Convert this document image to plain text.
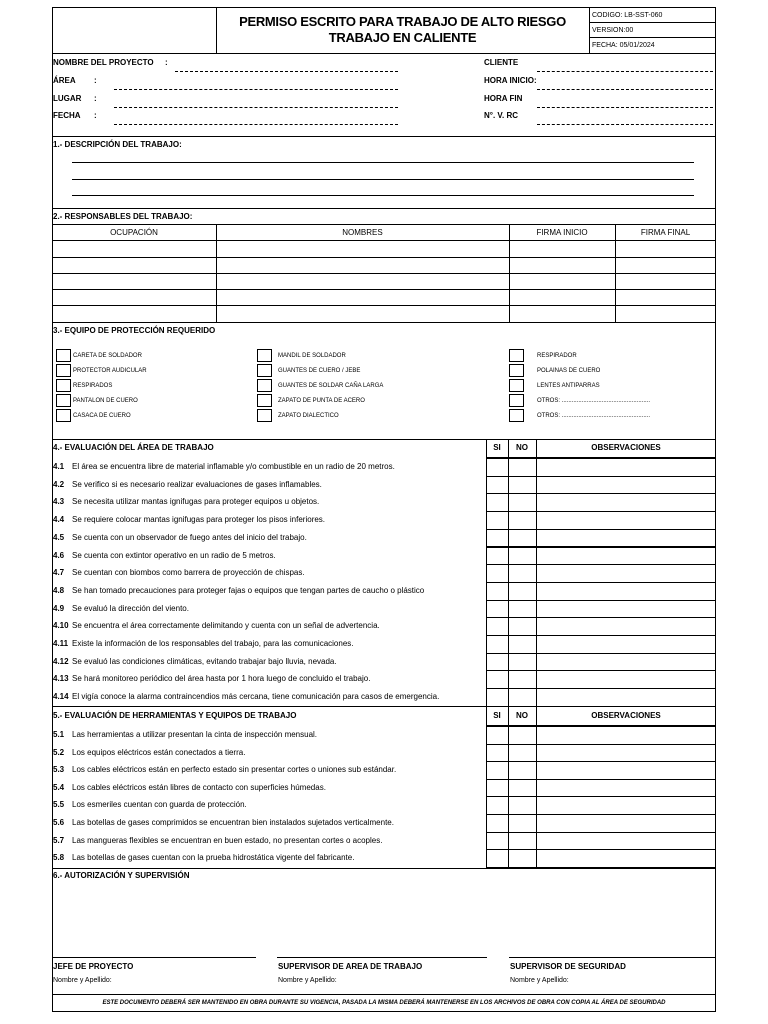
PERMISO ESCRITO PARA TRABAJO DE ALTO RIESGO
TRABAJO EN CALIENTE
CODIGO: LB-SST-060
VERSION:00
FECHA: 05/01/2024
NOMBRE DEL PROYECTO :
ÁREA :
LUGAR :
FECHA :
CLIENTE
HORA INICIO :
HORA FIN
N°. V. RC
1.- DESCRIPCIÓN DEL TRABAJO:
2.- RESPONSABLES DEL TRABAJO:
OCUPACIÓN	NOMBRES	FIRMA INICIO	FIRMA FINAL
3.- EQUIPO DE PROTECCIÓN REQUERIDO
CARETA DE SOLDADOR
PROTECTOR AUDICULAR
RESPIRADOS
PANTALON DE CUERO
CASACA DE CUERO
MANDIL DE SOLDADOR
GUANTES DE CUERO / JEBE
GUANTES DE SOLDAR CAÑA LARGA
ZAPATO DE PUNTA DE ACERO
ZAPATO DIALECTICO
RESPIRADOR
POLAINAS DE CUERO
LENTES ANTIPARRAS
OTROS: .....................................................
OTROS: .....................................................
4.- EVALUACIÓN DEL ÁREA DE TRABAJO	SI	NO	OBSERVACIONES
4.1 El área se encuentra libre de material inflamable y/o combustible en un radio de 20 metros.
4.2 Se verifico si es necesario realizar evaluaciones de gases inflamables.
4.3 Se necesita utilizar mantas ignifugas para proteger equipos u objetos.
4.4 Se requiere colocar mantas ignifugas para proteger los pisos inferiores.
4.5 Se cuenta con un observador de fuego antes del inicio del trabajo.
4.6 Se cuenta con extintor operativo en un radio de 5 metros.
4.7 Se cuentan con biombos como barrera de proyección de chispas.
4.8 Se han tomado precauciones para proteger fajas o equipos que tengan partes de caucho o plástico
4.9 Se evaluó la dirección del viento.
4.10 Se encuentra el área correctamente delimitando y cuenta con un señal de advertencia.
4.11 Existe la información de los responsables del trabajo, para las comunicaciones.
4.12 Se evaluó las condiciones climáticas, evitando trabajar bajo lluvia, nevada.
4.13 Se hará monitoreo periódico del área hasta por 1 hora luego de concluido el trabajo.
4.14 El vigía conoce la alarma contraincendios más cercana, tiene comunicación para casos de emergencia.
5.- EVALUACIÓN DE HERRAMIENTAS Y EQUIPOS DE TRABAJO	SI	NO	OBSERVACIONES
5.1 Las herramientas a utilizar presentan la cinta de inspección mensual.
5.2 Los equipos eléctricos están conectados a tierra.
5.3 Los cables eléctricos están en perfecto estado sin presentar cortes o uniones sub estándar.
5.4 Los cables eléctricos están libres de contacto con superficies húmedas.
5.5 Los esmeriles cuentan con guarda de protección.
5.6 Las botellas de gases comprimidos se encuentran bien instalados sujetados verticalmente.
5.7 Las mangueras flexibles se encuentran en buen estado, no presentan cortes o acoples.
5.8 Las botellas de gases cuentan con la prueba hidrostática vigente del fabricante.
6.- AUTORIZACIÓN Y SUPERVISIÓN
JEFE DE PROYECTO	SUPERVISOR DE AREA DE TRABAJO	SUPERVISOR DE SEGURIDAD
Nombre y Apellido:	Nombre y Apellido:	Nombre y Apellido:
ESTE DOCUMENTO DEBERÁ SER MANTENIDO EN OBRA DURANTE SU VIGENCIA, PASADA LA MISMA DEBERÁ MANTENERSE EN LOS ARCHIVOS DE OBRA CON COPIA AL ÁREA DE SEGURIDAD
